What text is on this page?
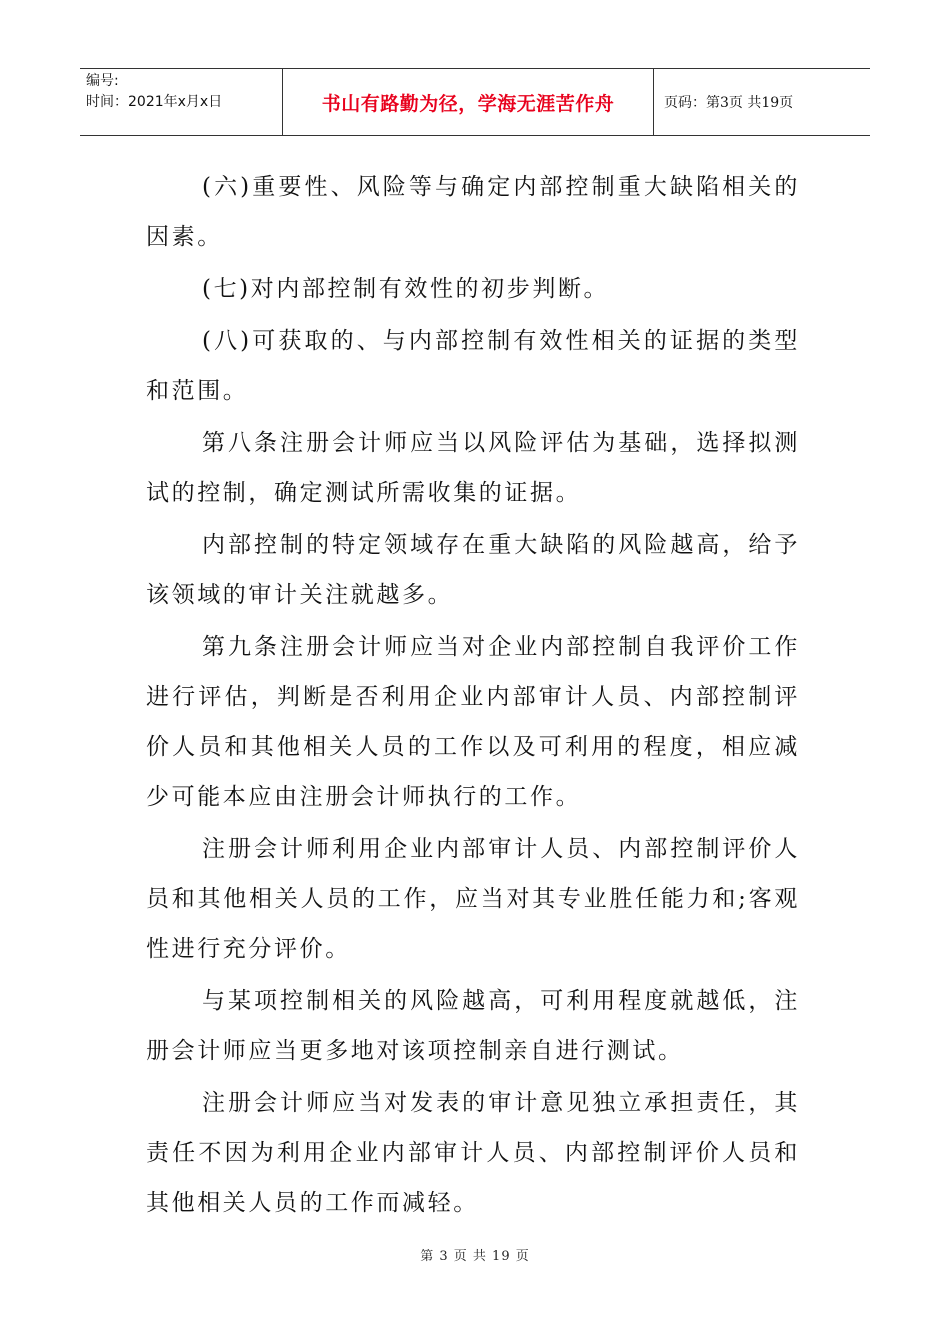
编号:
时间：2021年x月x日	书山有路勤为径，学海无涯苦作舟	页码：第3页 共19页

(六)重要性、风险等与确定内部控制重大缺陷相关的因素。

(七)对内部控制有效性的初步判断。

(八)可获取的、与内部控制有效性相关的证据的类型和范围。

第八条注册会计师应当以风险评估为基础，选择拟测试的控制，确定测试所需收集的证据。

内部控制的特定领域存在重大缺陷的风险越高，给予该领域的审计关注就越多。

第九条注册会计师应当对企业内部控制自我评价工作进行评估，判断是否利用企业内部审计人员、内部控制评价人员和其他相关人员的工作以及可利用的程度，相应减少可能本应由注册会计师执行的工作。

注册会计师利用企业内部审计人员、内部控制评价人员和其他相关人员的工作，应当对其专业胜任能力和;客观性进行充分评价。

与某项控制相关的风险越高，可利用程度就越低，注册会计师应当更多地对该项控制亲自进行测试。

注册会计师应当对发表的审计意见独立承担责任，其责任不因为利用企业内部审计人员、内部控制评价人员和其他相关人员的工作而减轻。

第 3 页 共 19 页
